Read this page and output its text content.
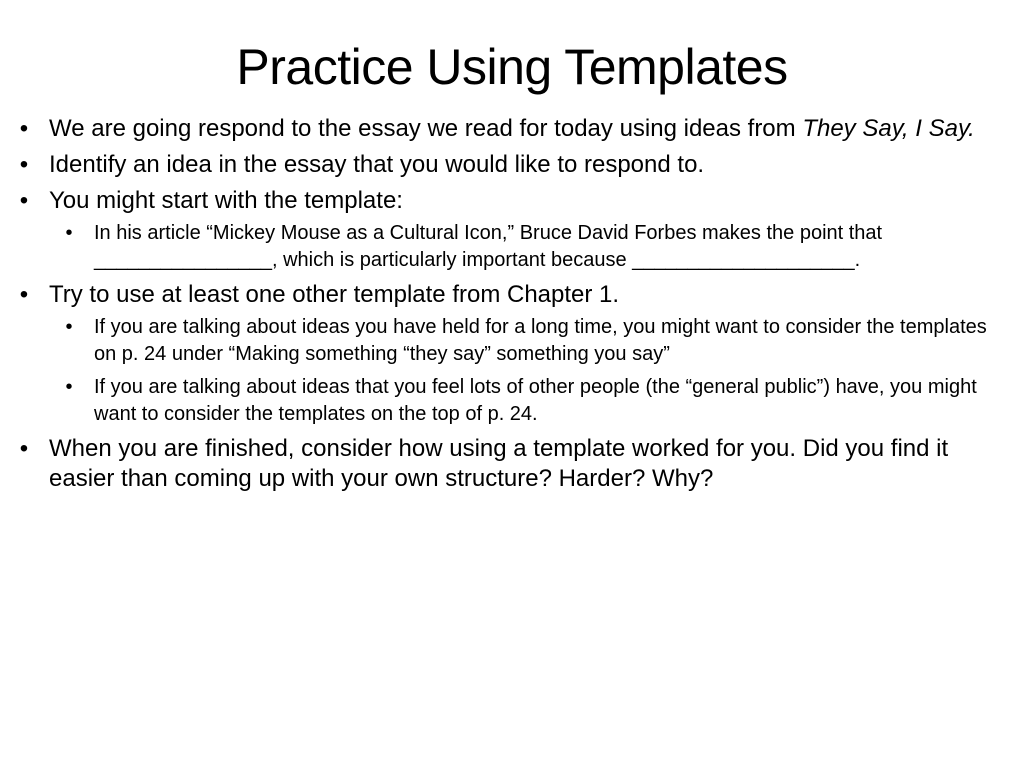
Practice Using Templates
• We are going respond to the essay we read for today using ideas from They Say, I Say.
• Identify an idea in the essay that you would like to respond to.
• You might start with the template:
•	In his article “Mickey Mouse as a Cultural Icon,” Bruce David Forbes makes the point that ________________, which is particularly important because ____________________.
• Try to use at least one other template from Chapter 1.
•	If you are talking about ideas you have held for a long time, you might want to consider the templates on p. 24 under “Making something “they say” something you say”
•	If you are talking about ideas that you feel lots of other people (the “general public”) have, you might want to consider the templates on the top of p. 24.
• When you are finished, consider how using a template worked for you. Did you find it easier than coming up with your own structure? Harder? Why?
